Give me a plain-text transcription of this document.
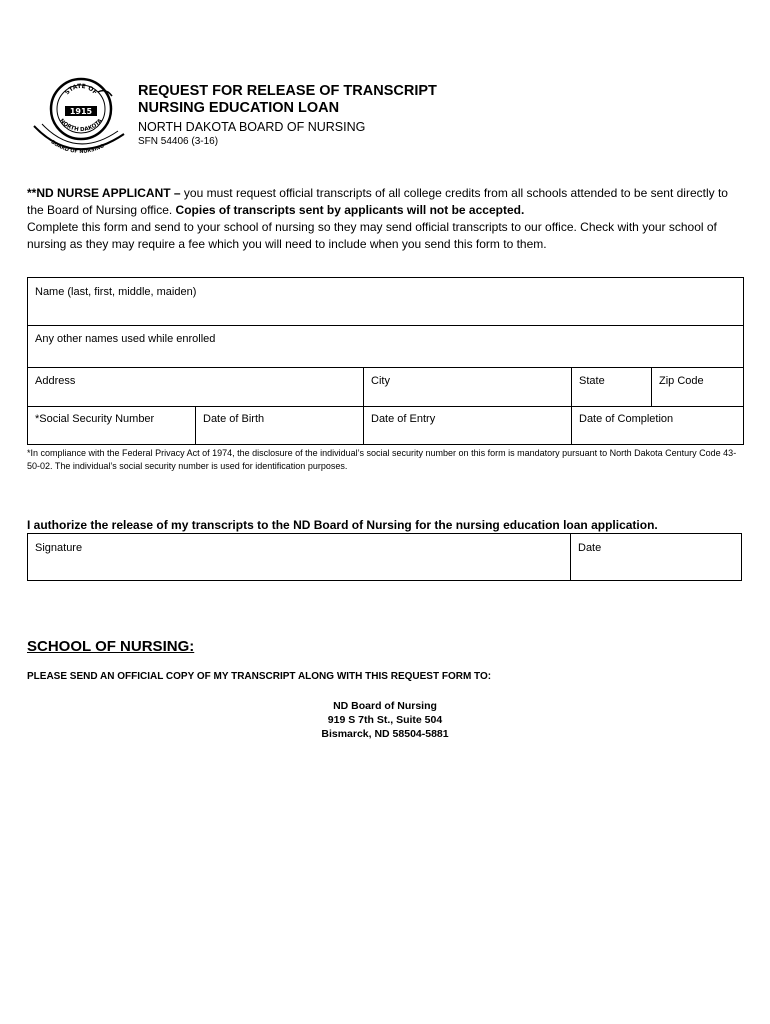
STATE OF
1915
NORTH DAKOTA
BOARD OF NURSING
REQUEST FOR RELEASE OF TRANSCRIPT
NURSING EDUCATION LOAN
NORTH DAKOTA BOARD OF NURSING
SFN 54406 (3-16)

**ND NURSE APPLICANT – you must request official transcripts of all college credits from all schools attended to be sent directly to the Board of Nursing office. Copies of transcripts sent by applicants will not be accepted.

Complete this form and send to your school of nursing so they may send official transcripts to our office. Check with your school of nursing as they may require a fee which you will need to include when you send this form to them.

Name (last, first, middle, maiden)				
Any other names used while enrolled				
Address		City	State	Zip Code
*Social Security Number	Date of Birth	Date of Entry	Date of Completion	
*In compliance with the Federal Privacy Act of 1974, the disclosure of the individual’s social security number on this form is mandatory pursuant to North Dakota Century Code 43-50-02. The individual’s social security number is used for identification purposes.
I authorize the release of my transcripts to the ND Board of Nursing for the nursing education loan application.
Signature	Date
SCHOOL OF NURSING:
PLEASE SEND AN OFFICIAL COPY OF MY TRANSCRIPT ALONG WITH THIS REQUEST FORM TO:
ND Board of Nursing
919 S 7th St., Suite 504
Bismarck, ND 58504-5881
